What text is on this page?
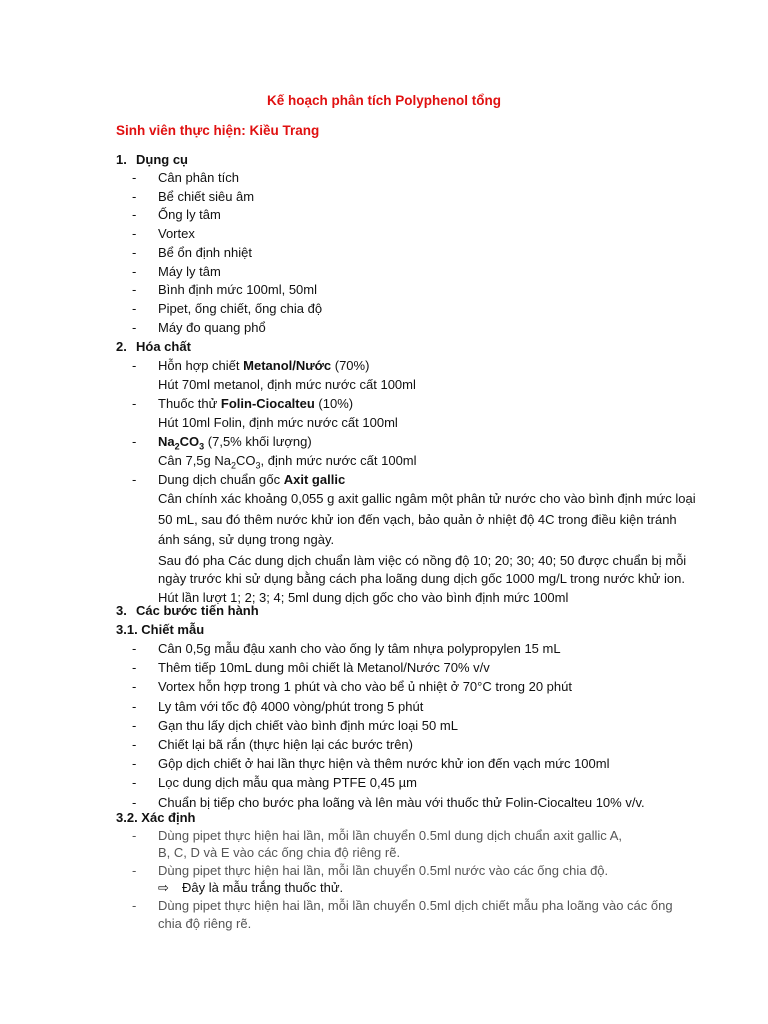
Kế hoạch phân tích Polyphenol tổng
Sinh viên thực hiện: Kiều Trang
1. Dụng cụ
- Cân phân tích
- Bể chiết siêu âm
- Ống ly tâm
- Vortex
- Bể ổn định nhiệt
- Máy ly tâm
- Bình định mức 100ml, 50ml
- Pipet, ống chiết, ống chia độ
- Máy đo quang phổ
2. Hóa chất
- Hỗn hợp chiết Metanol/Nước (70%)
Hút 70ml metanol, định mức nước cất 100ml
- Thuốc thử Folin-Ciocalteu (10%)
Hút 10ml Folin, định mức nước cất 100ml
- $Na_2CO_3$ (7,5% khối lượng)
Cân 7,5g $Na_2CO_3$, định mức nước cất 100ml
- Dung dịch chuẩn gốc Axit gallic
Cân chính xác khoảng 0,055 g axit gallic ngâm một phân tử nước cho vào bình định mức loại
50 mL, sau đó thêm nước khử ion đến vạch, bảo quản ở nhiệt độ 4C trong điều kiện tránh
ánh sáng, sử dụng trong ngày.
Sau đó pha Các dung dịch chuẩn làm việc có nồng độ 10; 20; 30; 40; 50 được chuẩn bị mỗi
ngày trước khi sử dụng bằng cách pha loãng dung dịch gốc 1000 mg/L trong nước khử ion.
Hút lần lượt 1; 2; 3; 4; 5ml dung dịch gốc cho vào bình định mức 100ml
3. Các bước tiến hành
3.1. Chiết mẫu
- Cân 0,5g mẫu đậu xanh cho vào ống ly tâm nhựa polypropylen 15 mL
- Thêm tiếp 10mL dung môi chiết là Metanol/Nước 70% v/v
- Vortex hỗn hợp trong 1 phút và cho vào bể ủ nhiệt ở 70°C trong 20 phút
- Ly tâm với tốc độ 4000 vòng/phút trong 5 phút
- Gạn thu lấy dịch chiết vào bình định mức loại 50 mL
- Chiết lại bã rắn (thực hiện lại các bước trên)
- Gộp dịch chiết ở hai lần thực hiện và thêm nước khử ion đến vạch mức 100ml
- Lọc dung dịch mẫu qua màng PTFE 0,45 µm
- Chuẩn bị tiếp cho bước pha loãng và lên màu với thuốc thử Folin-Ciocalteu 10% v/v.
3.2. Xác định
- Dùng pipet thực hiện hai lần, mỗi lần chuyển 0.5ml dung dịch chuẩn axit gallic A,
B, C, D và E vào các ống chia độ riêng rẽ.
- Dùng pipet thực hiện hai lần, mỗi lần chuyển 0.5ml nước vào các ống chia độ.
⇨ Đây là mẫu trắng thuốc thử.
- Dùng pipet thực hiện hai lần, mỗi lần chuyển 0.5ml dịch chiết mẫu pha loãng vào các ống
chia độ riêng rẽ.
